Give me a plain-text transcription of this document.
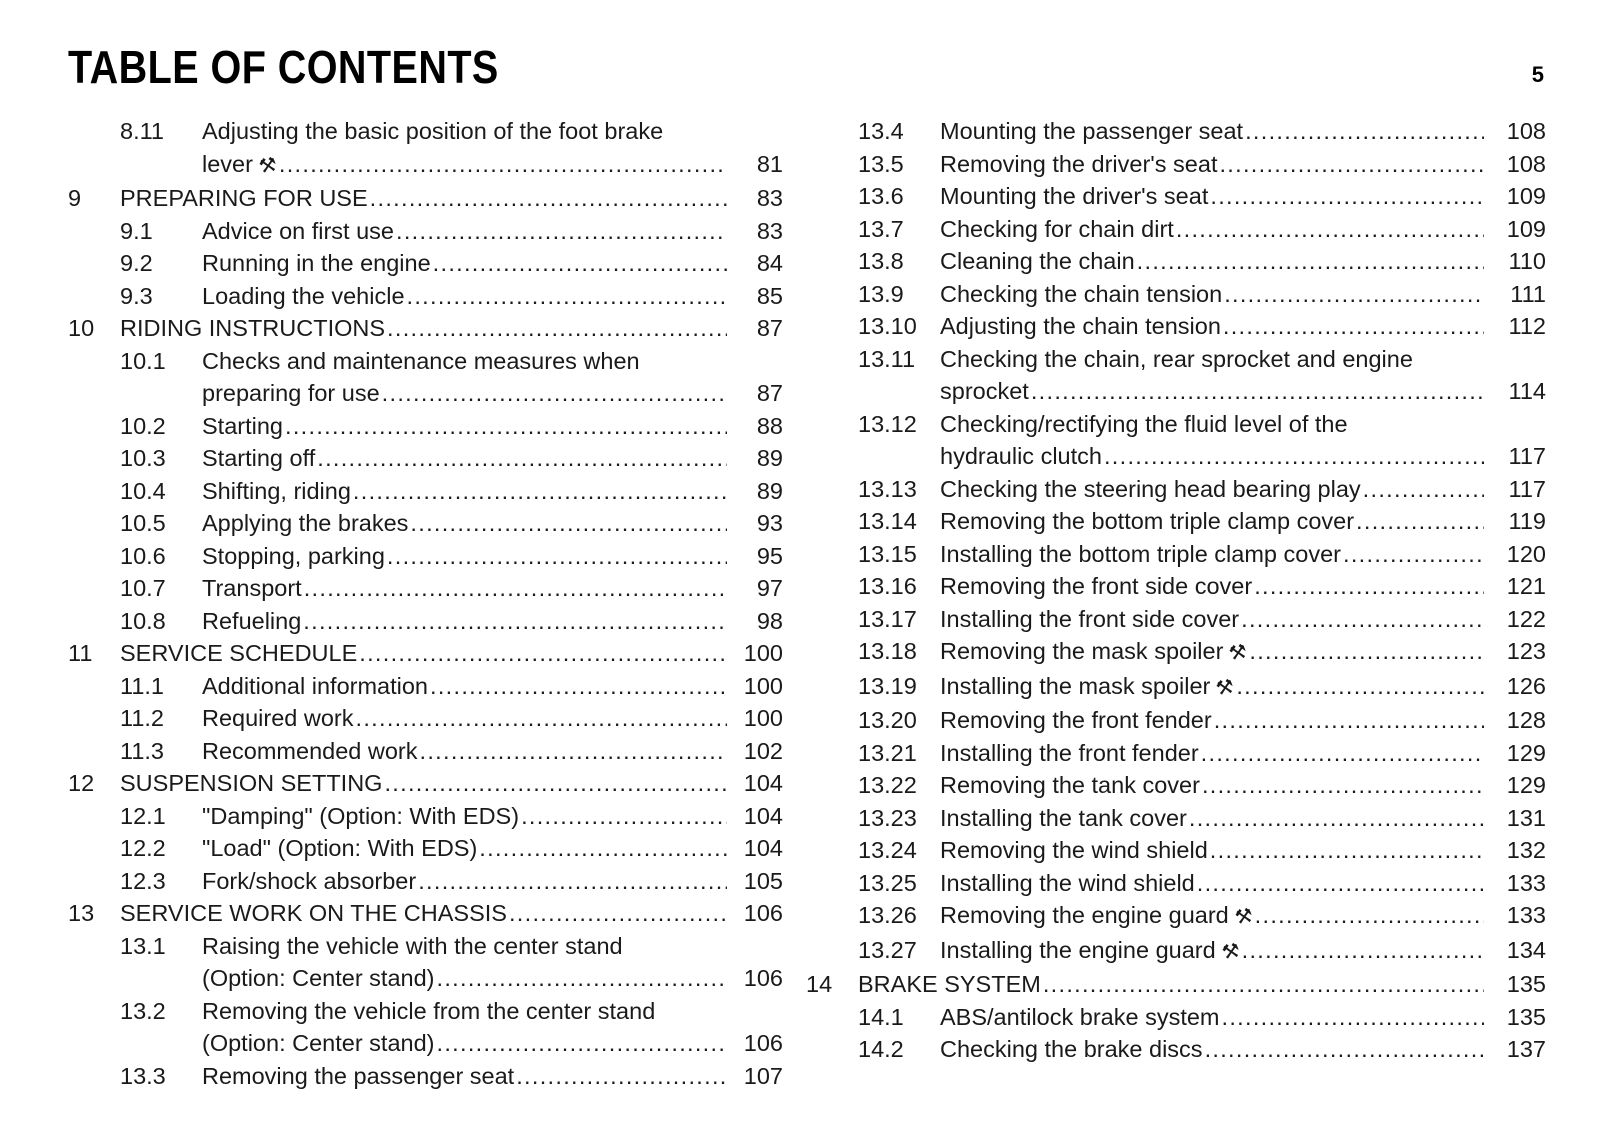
TABLE OF CONTENTS	5
8.11	Adjusting the basic position of the foot brake
lever ⚒ .....	81
9	PREPARING FOR USE .....	83
9.1	Advice on first use .....	83
9.2	Running in the engine .....	84
9.3	Loading the vehicle .....	85
10	RIDING INSTRUCTIONS .....	87
10.1	Checks and maintenance measures when
preparing for use .....	87
10.2	Starting .....	88
10.3	Starting off .....	89
10.4	Shifting, riding .....	89
10.5	Applying the brakes .....	93
10.6	Stopping, parking .....	95
10.7	Transport .....	97
10.8	Refueling .....	98
11	SERVICE SCHEDULE .....	100
11.1	Additional information .....	100
11.2	Required work .....	100
11.3	Recommended work .....	102
12	SUSPENSION SETTING .....	104
12.1	"Damping" (Option: With EDS) .....	104
12.2	"Load" (Option: With EDS) .....	104
12.3	Fork/shock absorber .....	105
13	SERVICE WORK ON THE CHASSIS .....	106
13.1	Raising the vehicle with the center stand
(Option: Center stand) .....	106
13.2	Removing the vehicle from the center stand
(Option: Center stand) .....	106
13.3	Removing the passenger seat .....	107
13.4	Mounting the passenger seat .....	108
13.5	Removing the driver's seat .....	108
13.6	Mounting the driver's seat .....	109
13.7	Checking for chain dirt .....	109
13.8	Cleaning the chain .....	110
13.9	Checking the chain tension .....	111
13.10 Adjusting the chain tension .....	112
13.11	Checking the chain, rear sprocket and engine
sprocket .....	114
13.12 Checking/rectifying the fluid level of the
hydraulic clutch .....	117
13.13 Checking the steering head bearing play .....	117
13.14 Removing the bottom triple clamp cover .....	119
13.15 Installing the bottom triple clamp cover .....	120
13.16 Removing the front side cover .....	121
13.17 Installing the front side cover .....	122
13.18 Removing the mask spoiler ⚒ .....	123
13.19 Installing the mask spoiler ⚒ .....	126
13.20 Removing the front fender .....	128
13.21 Installing the front fender .....	129
13.22 Removing the tank cover .....	129
13.23 Installing the tank cover .....	131
13.24 Removing the wind shield .....	132
13.25 Installing the wind shield .....	133
13.26 Removing the engine guard ⚒ .....	133
13.27 Installing the engine guard ⚒ .....	134
14	BRAKE SYSTEM .....	135
14.1	ABS/antilock brake system .....	135
14.2	Checking the brake discs .....	137
